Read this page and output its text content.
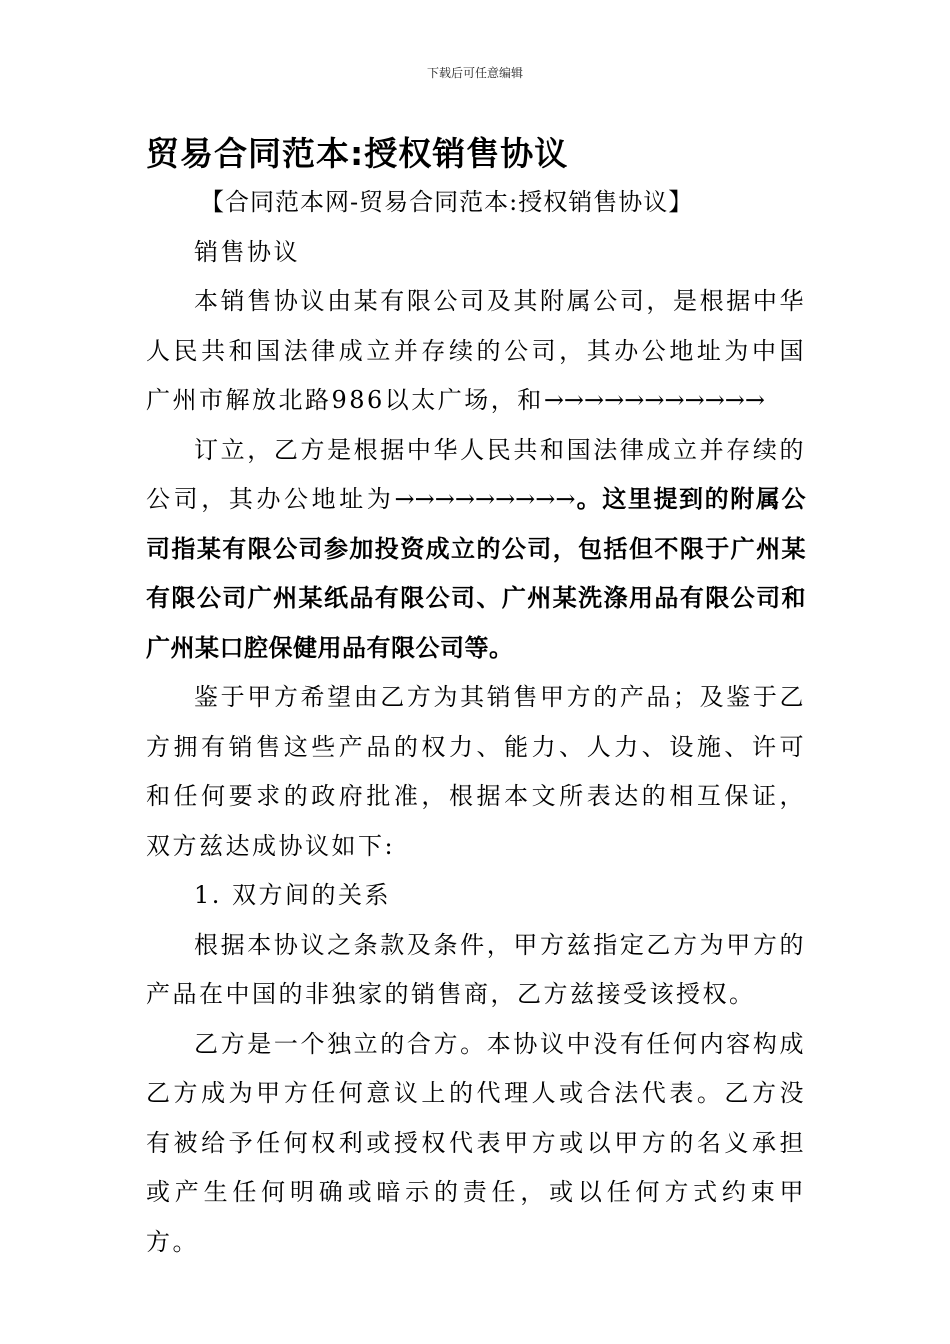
下载后可任意编辑
贸易合同范本:授权销售协议

【合同范本网-贸易合同范本:授权销售协议】

销售协议

本销售协议由某有限公司及其附属公司，是根据中华人民共和国法律成立并存续的公司，其办公地址为中国广州市解放北路986以太广场，和→→→→→→→→→→→

订立，乙方是根据中华人民共和国法律成立并存续的公司，其办公地址为→→→→→→→→→。这里提到的附属公司指某有限公司参加投资成立的公司，包括但不限于广州某有限公司广州某纸品有限公司、广州某洗涤用品有限公司和广州某口腔保健用品有限公司等。

鉴于甲方希望由乙方为其销售甲方的产品；及鉴于乙方拥有销售这些产品的权力、能力、人力、设施、许可和任何要求的政府批准，根据本文所表达的相互保证，双方兹达成协议如下:

1. 双方间的关系

根据本协议之条款及条件，甲方兹指定乙方为甲方的产品在中国的非独家的销售商，乙方兹接受该授权。

乙方是一个独立的合方。本协议中没有任何内容构成乙方成为甲方任何意议上的代理人或合法代表。乙方没有被给予任何权利或授权代表甲方或以甲方的名义承担或产生任何明确或暗示的责任，或以任何方式约束甲方。
